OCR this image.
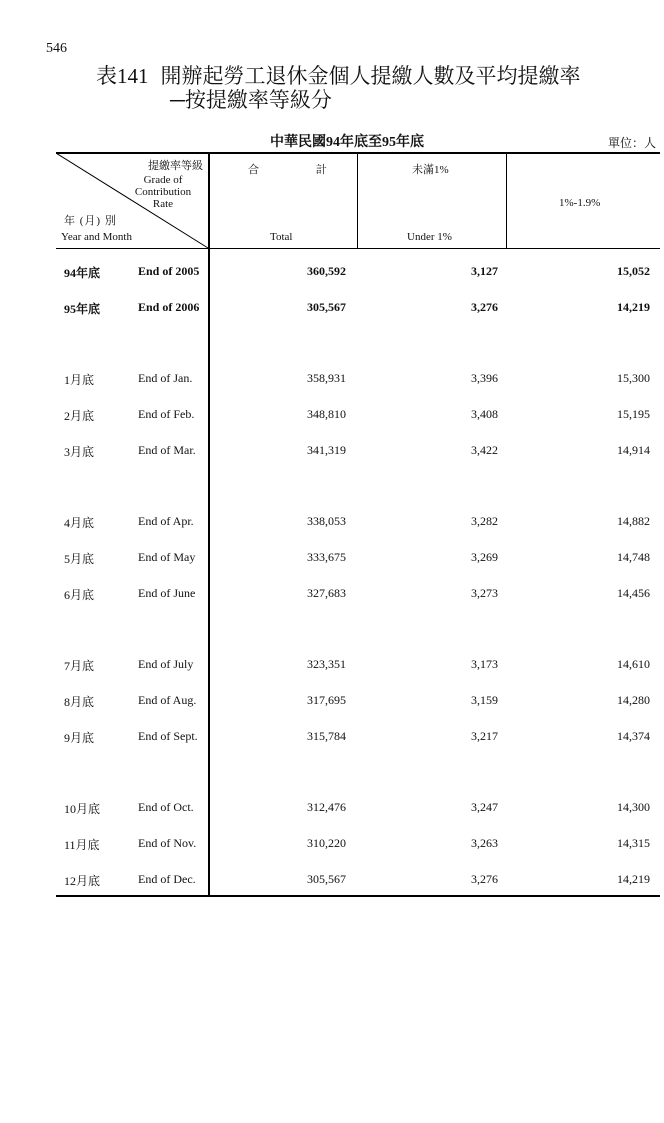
546
表141 開辦起勞工退休金個人提繳人數及平均提繳率
─按提繳率等級分
中華民國94年底至95年底	單位：人
提繳率等級
Grade of
Contribution
Rate
年 (月) 別
Year and Month
合 計
Total
未滿1%
Under 1%
1%-1.9%
94年底	End of 2005	360,592	3,127	15,052
95年底	End of 2006	305,567	3,276	14,219
1月底	End of Jan.	358,931	3,396	15,300
2月底	End of Feb.	348,810	3,408	15,195
3月底	End of Mar.	341,319	3,422	14,914
4月底	End of Apr.	338,053	3,282	14,882
5月底	End of May	333,675	3,269	14,748
6月底	End of June	327,683	3,273	14,456
7月底	End of July	323,351	3,173	14,610
8月底	End of Aug.	317,695	3,159	14,280
9月底	End of Sept.	315,784	3,217	14,374
10月底	End of Oct.	312,476	3,247	14,300
11月底	End of Nov.	310,220	3,263	14,315
12月底	End of Dec.	305,567	3,276	14,219
